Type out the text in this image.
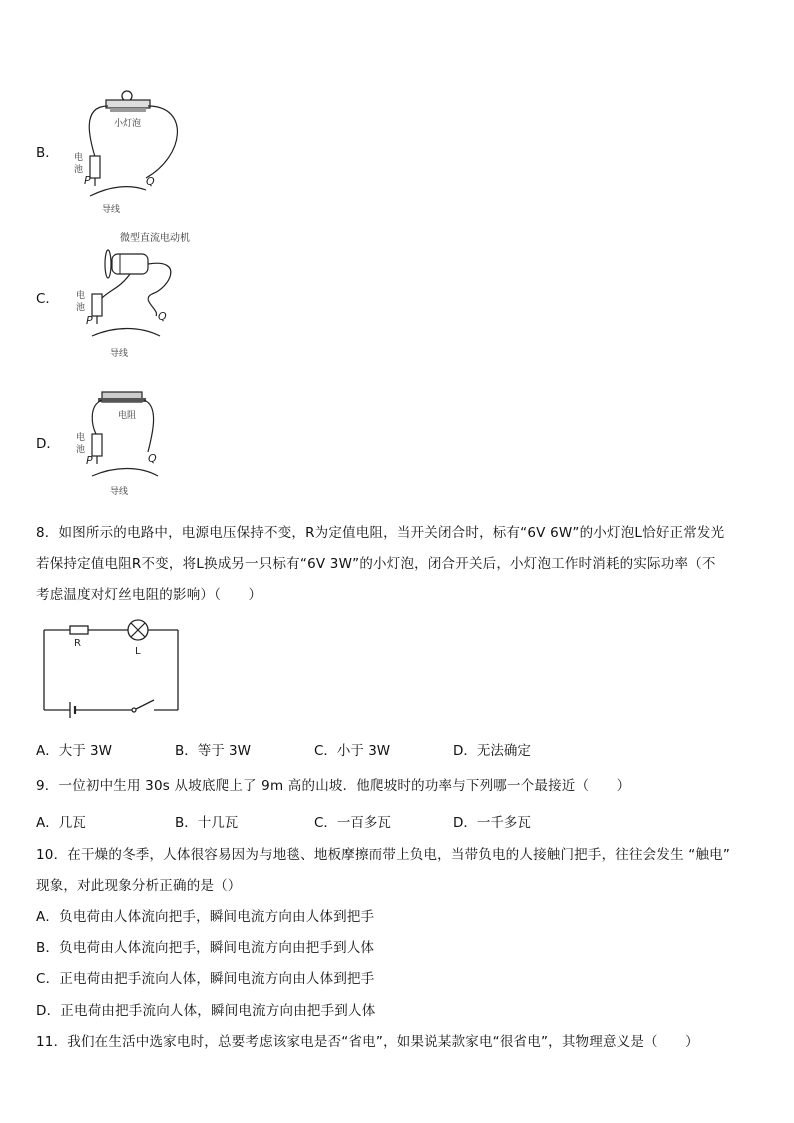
B．
小灯泡
电
池
P	Q
导线
C．
微型直流电动机
电
池
P	Q
导线
D．
电阻
电
池
P	Q
导线
8．如图所示的电路中，电源电压保持不变，R为定值电阻，当开关闭合时，标有“6V 6W”的小灯泡L恰好正常发光
若保持定值电阻R不变，将L换成另一只标有“6V 3W”的小灯泡，闭合开关后，小灯泡工作时消耗的实际功率（不
考虑温度对灯丝电阻的影响）（　　）
R
L
A．大于 3W	B．等于 3W	C．小于 3W	D．无法确定
9．一位初中生用 30s 从坡底爬上了 9m 高的山坡．他爬坡时的功率与下列哪一个最接近（　　）
A．几瓦	B．十几瓦	C．一百多瓦	D．一千多瓦
10．在干燥的冬季，人体很容易因为与地毯、地板摩擦而带上负电，当带负电的人接触门把手，往往会发生 “触电”
现象，对此现象分析正确的是（）
A．负电荷由人体流向把手，瞬间电流方向由人体到把手
B．负电荷由人体流向把手，瞬间电流方向由把手到人体
C．正电荷由把手流向人体，瞬间电流方向由人体到把手
D．正电荷由把手流向人体，瞬间电流方向由把手到人体
11．我们在生活中选家电时，总要考虑该家电是否“省电”，如果说某款家电“很省电”，其物理意义是（　　）
